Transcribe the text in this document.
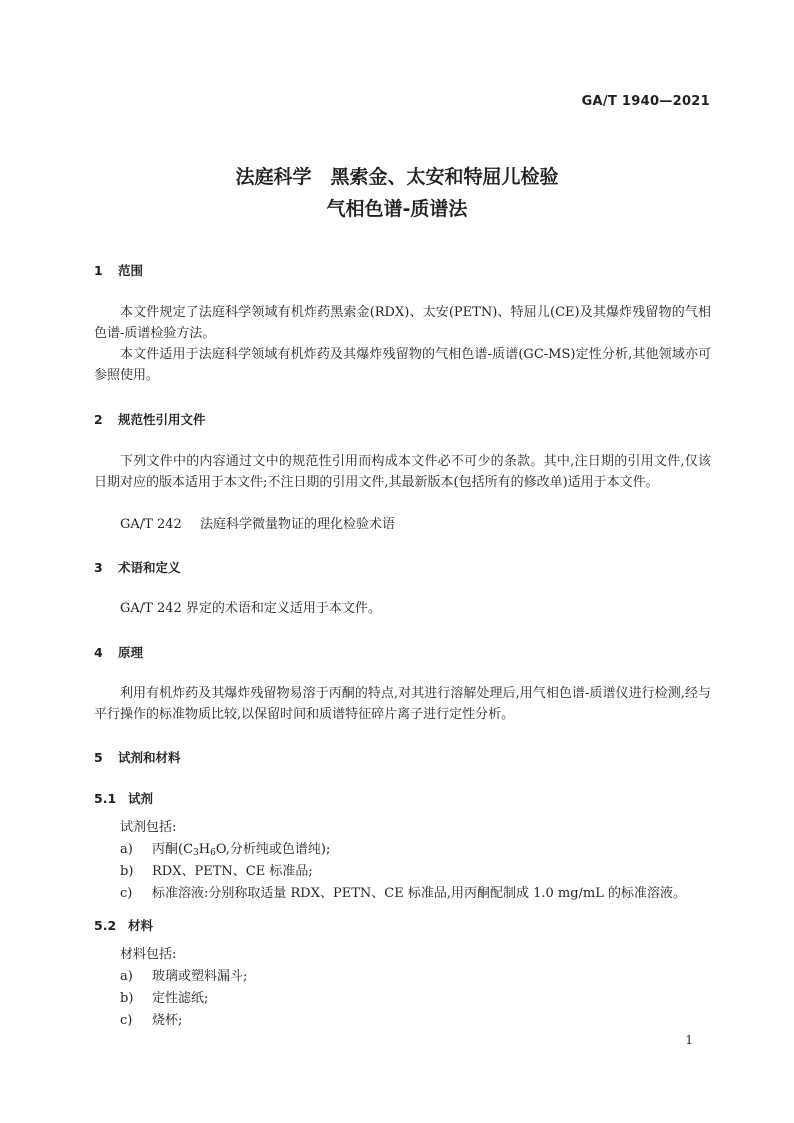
GA/T 1940—2021
法庭科学　黑索金、太安和特屈儿检验
气相色谱-质谱法
1 范围
本文件规定了法庭科学领域有机炸药黑索金(RDX)、太安(PETN)、特屈儿(CE)及其爆炸残留物的气相色谱-质谱检验方法。
本文件适用于法庭科学领域有机炸药及其爆炸残留物的气相色谱-质谱(GC-MS)定性分析,其他领域亦可参照使用。
2 规范性引用文件
下列文件中的内容通过文中的规范性引用而构成本文件必不可少的条款。其中,注日期的引用文件,仅该日期对应的版本适用于本文件;不注日期的引用文件,其最新版本(包括所有的修改单)适用于本文件。
GA/T 242 法庭科学微量物证的理化检验术语
3 术语和定义
GA/T 242 界定的术语和定义适用于本文件。
4 原理
利用有机炸药及其爆炸残留物易溶于丙酮的特点,对其进行溶解处理后,用气相色谱-质谱仪进行检测,经与平行操作的标准物质比较,以保留时间和质谱特征碎片离子进行定性分析。
5 试剂和材料
5.1 试剂
试剂包括:
a) 丙酮($C_3H_6O$,分析纯或色谱纯);
b) RDX、PETN、CE 标准品;
c) 标准溶液:分别称取适量 RDX、PETN、CE 标准品,用丙酮配制成 1.0 mg/mL 的标准溶液。
5.2 材料
材料包括:
a) 玻璃或塑料漏斗;
b) 定性滤纸;
c) 烧杯;
1
